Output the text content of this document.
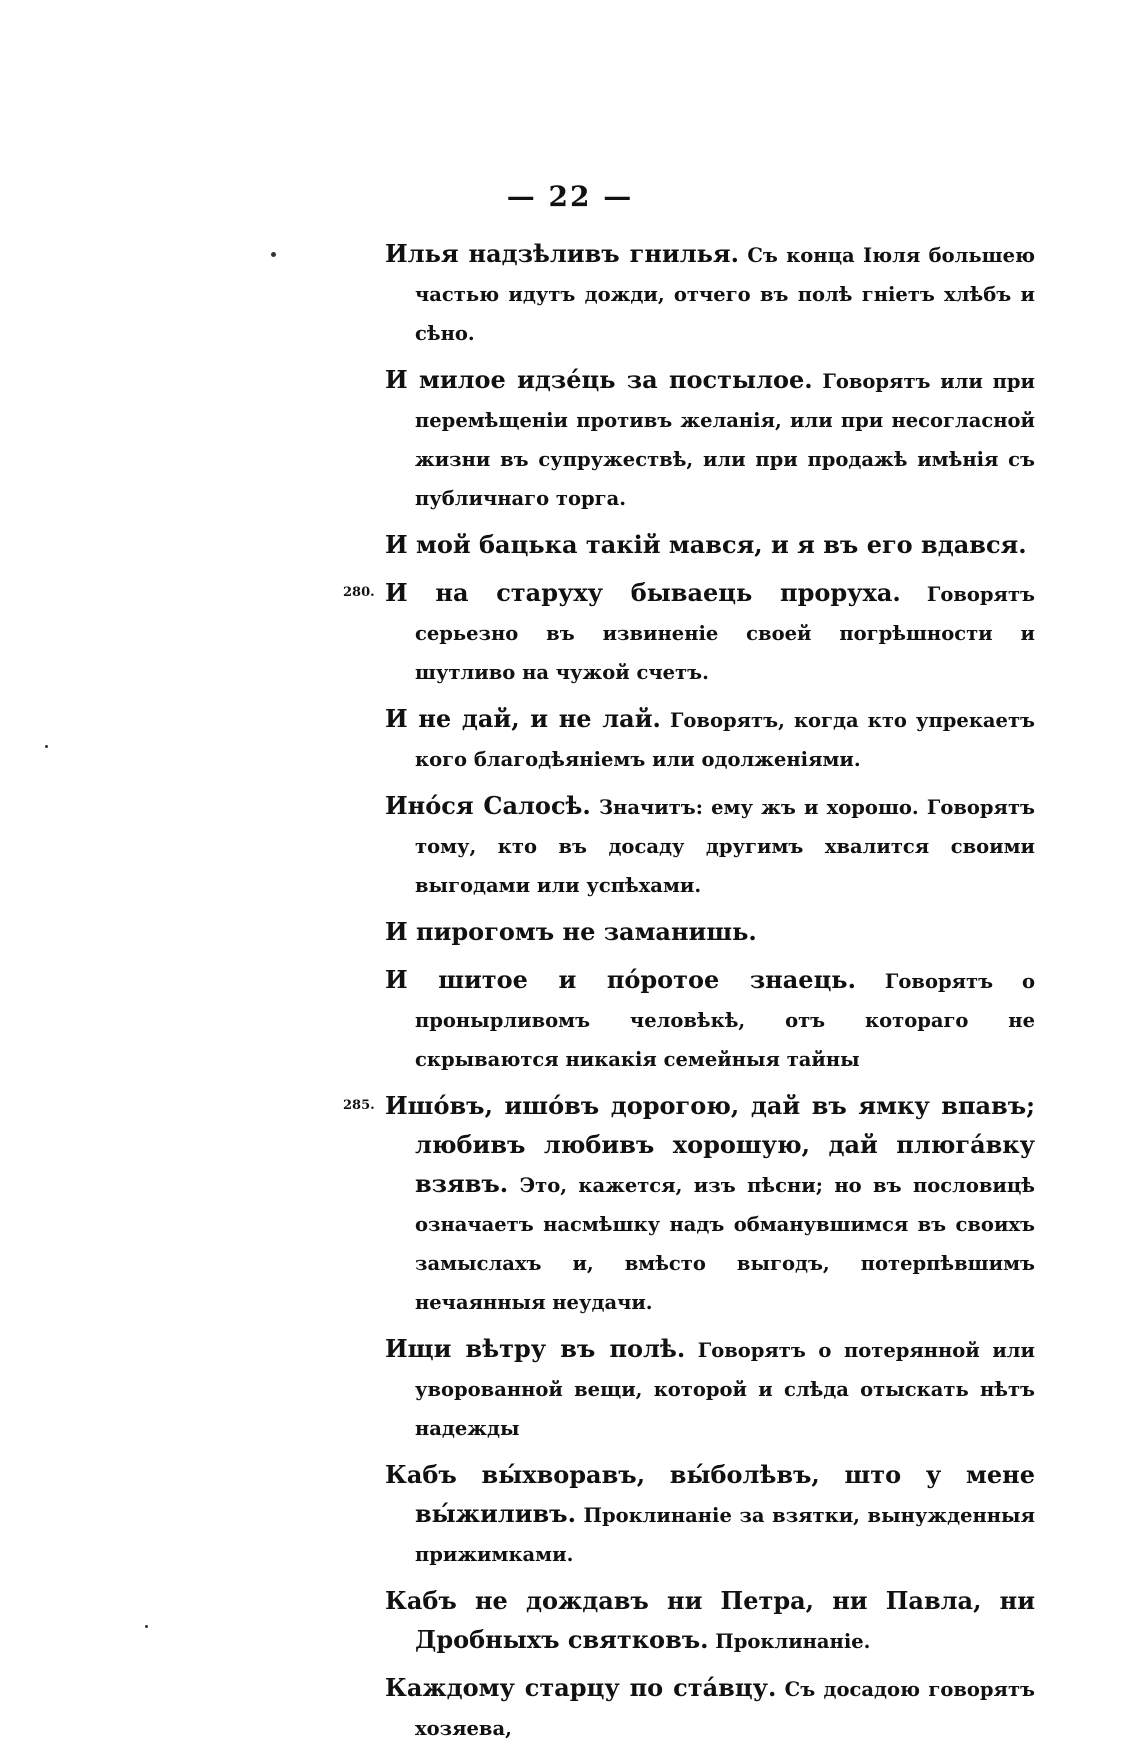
— 22 —
Илья надзѣливъ гнилья. Съ конца Іюля большею частью идутъ дожди, отчего въ полѣ гніетъ хлѣбъ и сѣно.
И милое идзéць за постылое. Говорятъ или при перемѣщеніи противъ желанія, или при несогласной жизни въ супружествѣ, или при продажѣ имѣнія съ публичнаго торга.
И мой бацька такій мався, и я въ его вдався.
280. И на старуху бываець проруха. Говорятъ серьезно въ извиненіе своей погрѣшности и шутливо на чужой счетъ.
И не дай, и не лай. Говорятъ, когда кто упрекаетъ кого благодѣяніемъ или одолженіями.
Инóся Салосѣ. Значитъ: ему жъ и хорошо. Говорятъ тому, кто въ досаду другимъ хвалится своими выгодами или успѣхами.
И пирогомъ не заманишь.
И шитое и пóротое знаець. Говорятъ о пронырливомъ человѣкѣ, отъ котораго не скрываются никакія семейныя тайны
285. Ишóвъ, ишóвъ дорогою, дай въ ямку впавъ; любивъ любивъ хорошую, дай плюгáвку взявъ. Это, кажется, изъ пѣсни; но въ пословицѣ означаетъ насмѣшку надъ обманувшимся въ своихъ замыслахъ и, вмѣсто выгодъ, потерпѣвшимъ нечаянныя неудачи.
Ищи вѣтру въ полѣ. Говорятъ о потерянной или уворованной вещи, которой и слѣда отыскать нѣтъ надежды
Кабъ вы́хворавъ, вы́болѣвъ, што у мене вы́жиливъ. Проклинаніе за взятки, вынужденныя прижимками.
Кабъ не дождавъ ни Петра, ни Павла, ни Дробныхъ святковъ. Проклинаніе.
Каждому старцу по стáвцу. Съ досадою говорятъ хозяева,
